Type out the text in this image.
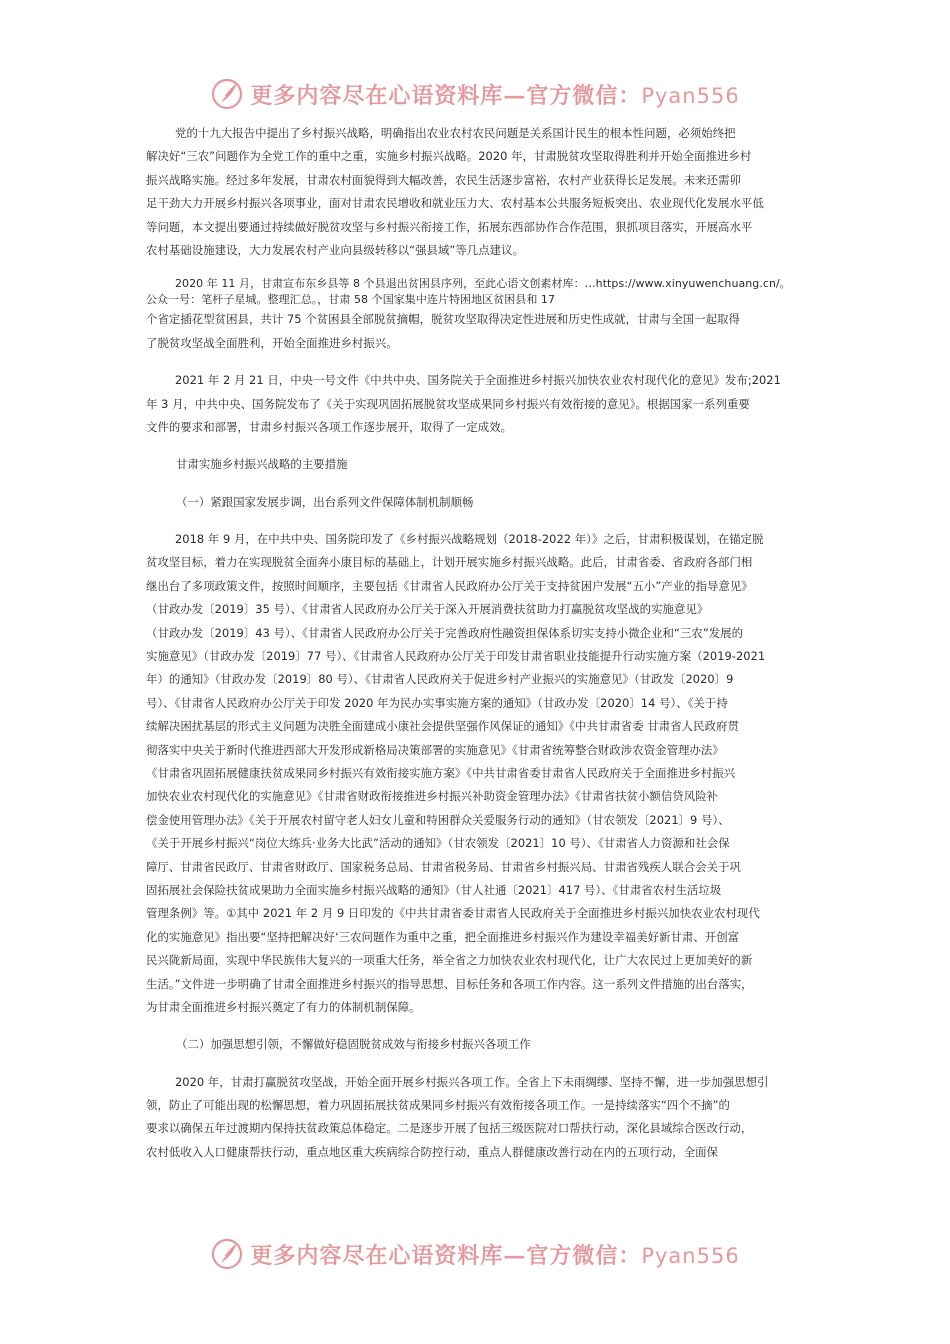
更多内容尽在心语资料库—官方微信：Pyan556
党的十九大报告中提出了乡村振兴战略，明确指出农业农村农民问题是关系国计民生的根本性问题，必须始终把
解决好“三农”问题作为全党工作的重中之重，实施乡村振兴战略。2020 年，甘肃脱贫攻坚取得胜利并开始全面推进乡村
振兴战略实施。经过多年发展，甘肃农村面貌得到大幅改善，农民生活逐步富裕，农村产业获得长足发展。未来还需卯
足干劲大力开展乡村振兴各项事业，面对甘肃农民增收和就业压力大、农村基本公共服务短板突出、农业现代化发展水平低
等问题，本文提出要通过持续做好脱贫攻坚与乡村振兴衔接工作，拓展东西部协作合作范围，狠抓项目落实，开展高水平
农村基础设施建设，大力发展农村产业向县级转移以“强县域”等几点建议。
2020 年 11 月，甘肃宣布东乡县等 8 个县退出贫困县序列，至此心语文创素材库：…https://www.xinyuwenchuang.cn/。
公众一号：笔杆子星城。整理汇总。，甘肃 58 个国家集中连片特困地区贫困县和 17
个省定插花型贫困县，共计 75 个贫困县全部脱贫摘帽，脱贫攻坚取得决定性进展和历史性成就，甘肃与全国一起取得
了脱贫攻坚战全面胜利，开始全面推进乡村振兴。
2021 年 2 月 21 日，中央一号文件《中共中央、国务院关于全面推进乡村振兴加快农业农村现代化的意见》发布;2021
年 3 月，中共中央、国务院发布了《关于实现巩固拓展脱贫攻坚成果同乡村振兴有效衔接的意见》。根据国家一系列重要
文件的要求和部署，甘肃乡村振兴各项工作逐步展开，取得了一定成效。
甘肃实施乡村振兴战略的主要措施
（一）紧跟国家发展步调，出台系列文件保障体制机制顺畅
2018 年 9 月，在中共中央、国务院印发了《乡村振兴战略规划（2018-2022 年）》之后，甘肃积极谋划，在锚定脱
贫攻坚目标，着力在实现脱贫全面奔小康目标的基础上，计划开展实施乡村振兴战略。此后，甘肃省委、省政府各部门相
继出台了多项政策文件，按照时间顺序，主要包括《甘肃省人民政府办公厅关于支持贫困户发展“五小”产业的指导意见》
（甘政办发〔2019〕35 号）、《甘肃省人民政府办公厅关于深入开展消费扶贫助力打赢脱贫攻坚战的实施意见》
（甘政办发〔2019〕43 号）、《甘肃省人民政府办公厅关于完善政府性融资担保体系切实支持小微企业和“三农”发展的
实施意见》（甘政办发〔2019〕77 号）、《甘肃省人民政府办公厅关于印发甘肃省职业技能提升行动实施方案（2019-2021
年）的通知》（甘政办发〔2019〕80 号）、《甘肃省人民政府关于促进乡村产业振兴的实施意见》（甘政发〔2020〕9
号）、《甘肃省人民政府办公厅关于印发 2020 年为民办实事实施方案的通知》（甘政办发〔2020〕14 号）、《关于持
续解决困扰基层的形式主义问题为决胜全面建成小康社会提供坚强作风保证的通知》《中共甘肃省委 甘肃省人民政府贯
彻落实中央关于新时代推进西部大开发形成新格局决策部署的实施意见》《甘肃省统筹整合财政涉农资金管理办法》
《甘肃省巩固拓展健康扶贫成果同乡村振兴有效衔接实施方案》《中共甘肃省委甘肃省人民政府关于全面推进乡村振兴
加快农业农村现代化的实施意见》《甘肃省财政衔接推进乡村振兴补助资金管理办法》《甘肃省扶贫小额信贷风险补
偿金使用管理办法》《关于开展农村留守老人妇女儿童和特困群众关爱服务行动的通知》（甘农领发〔2021〕9 号）、
《关于开展乡村振兴“岗位大练兵·业务大比武”活动的通知》（甘农领发〔2021〕10 号）、《甘肃省人力资源和社会保
障厅、甘肃省民政厅、甘肃省财政厅、国家税务总局、甘肃省税务局、甘肃省乡村振兴局、甘肃省残疾人联合会关于巩
固拓展社会保险扶贫成果助力全面实施乡村振兴战略的通知》（甘人社通〔2021〕417 号）、《甘肃省农村生活垃圾
管理条例》等。①其中 2021 年 2 月 9 日印发的《中共甘肃省委甘肃省人民政府关于全面推进乡村振兴加快农业农村现代
化的实施意见》指出要“坚持把解决好‘三农问题作为重中之重，把全面推进乡村振兴作为建设幸福美好新甘肃、开创富
民兴陇新局面，实现中华民族伟大复兴的一项重大任务，举全省之力加快农业农村现代化，让广大农民过上更加美好的新
生活。”文件进一步明确了甘肃全面推进乡村振兴的指导思想、目标任务和各项工作内容。这一系列文件措施的出台落实，
为甘肃全面推进乡村振兴奠定了有力的体制机制保障。
（二）加强思想引领，不懈做好稳固脱贫成效与衔接乡村振兴各项工作
2020 年，甘肃打赢脱贫攻坚战，开始全面开展乡村振兴各项工作。全省上下未雨绸缪、坚持不懈，进一步加强思想引
领，防止了可能出现的松懈思想，着力巩固拓展扶贫成果同乡村振兴有效衔接各项工作。一是持续落实“四个不摘”的
要求以确保五年过渡期内保持扶贫政策总体稳定。二是逐步开展了包括三级医院对口帮扶行动，深化县域综合医改行动，
农村低收入人口健康帮扶行动，重点地区重大疾病综合防控行动，重点人群健康改善行动在内的五项行动，全面保
更多内容尽在心语资料库—官方微信：Pyan556
